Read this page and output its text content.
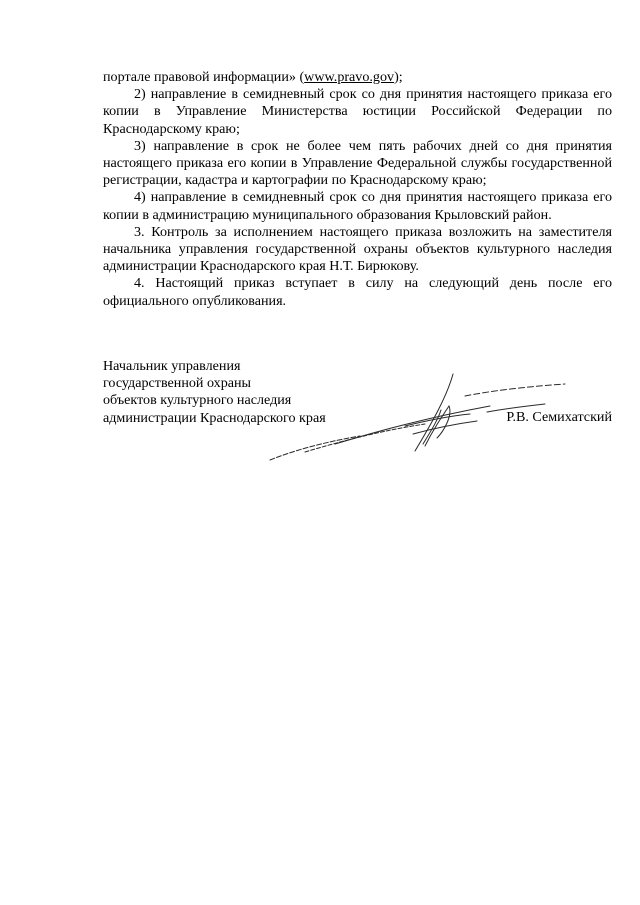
портале правовой информации» (www.pravo.gov);

2) направление в семидневный срок со дня принятия настоящего приказа его копии в Управление Министерства юстиции Российской Федерации по Краснодарскому краю;

3) направление в срок не более чем пять рабочих дней со дня принятия настоящего приказа его копии в Управление Федеральной службы государственной регистрации, кадастра и картографии по Краснодарскому краю;

4) направление в семидневный срок со дня принятия настоящего приказа его копии в администрацию муниципального образования Крыловский район.

3. Контроль за исполнением настоящего приказа возложить на заместителя начальника управления государственной охраны объектов культурного наследия администрации Краснодарского края Н.Т. Бирюкову.

4. Настоящий приказ вступает в силу на следующий день после его официального опубликования.

Начальник управления
государственной охраны
объектов культурного наследия
администрации Краснодарского края	Р.В. Семихатский
